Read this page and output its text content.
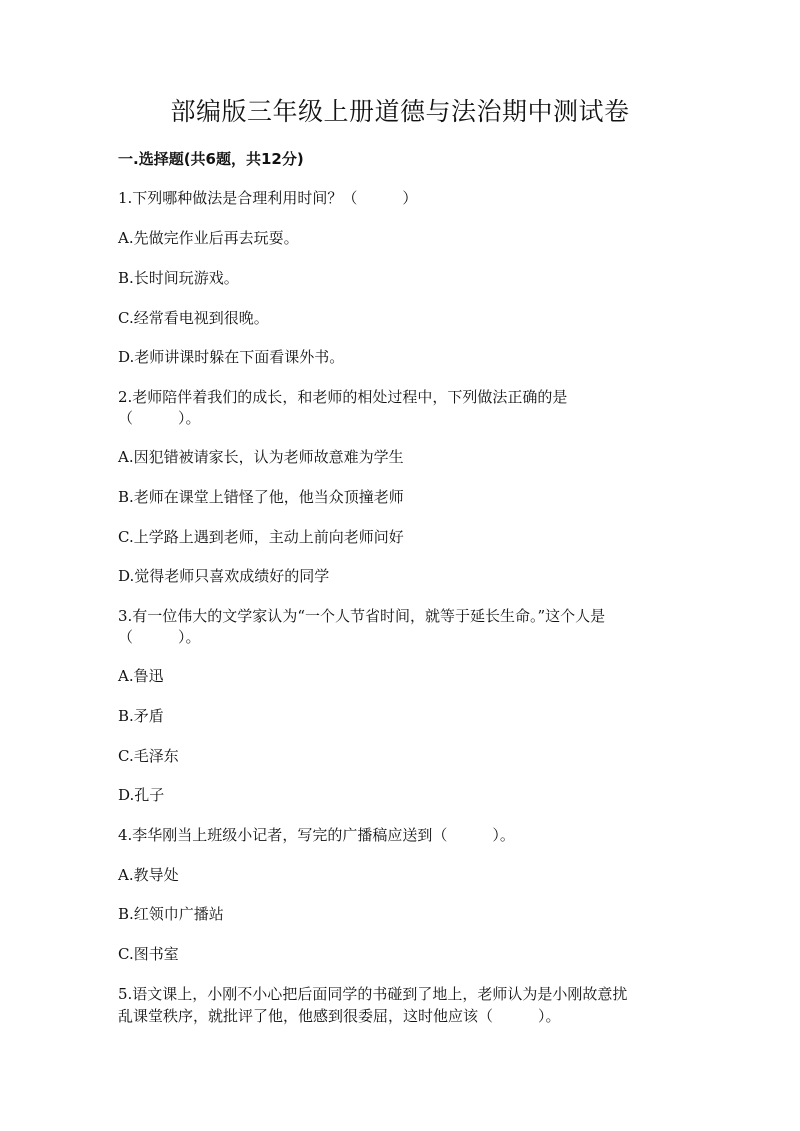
部编版三年级上册道德与法治期中测试卷
一.选择题(共6题，共12分)
1.下列哪种做法是合理利用时间？（　　　）
A.先做完作业后再去玩耍。
B.长时间玩游戏。
C.经常看电视到很晚。
D.老师讲课时躲在下面看课外书。
2.老师陪伴着我们的成长，和老师的相处过程中，下列做法正确的是
（　　　）。
A.因犯错被请家长，认为老师故意难为学生
B.老师在课堂上错怪了他，他当众顶撞老师
C.上学路上遇到老师，主动上前向老师问好
D.觉得老师只喜欢成绩好的同学
3.有一位伟大的文学家认为“一个人节省时间，就等于延长生命。”这个人是
（　　　）。
A.鲁迅
B.矛盾
C.毛泽东
D.孔子
4.李华刚当上班级小记者，写完的广播稿应送到（　　　）。
A.教导处
B.红领巾广播站
C.图书室
5.语文课上，小刚不小心把后面同学的书碰到了地上，老师认为是小刚故意扰
乱课堂秩序，就批评了他，他感到很委屈，这时他应该（　　　）。
